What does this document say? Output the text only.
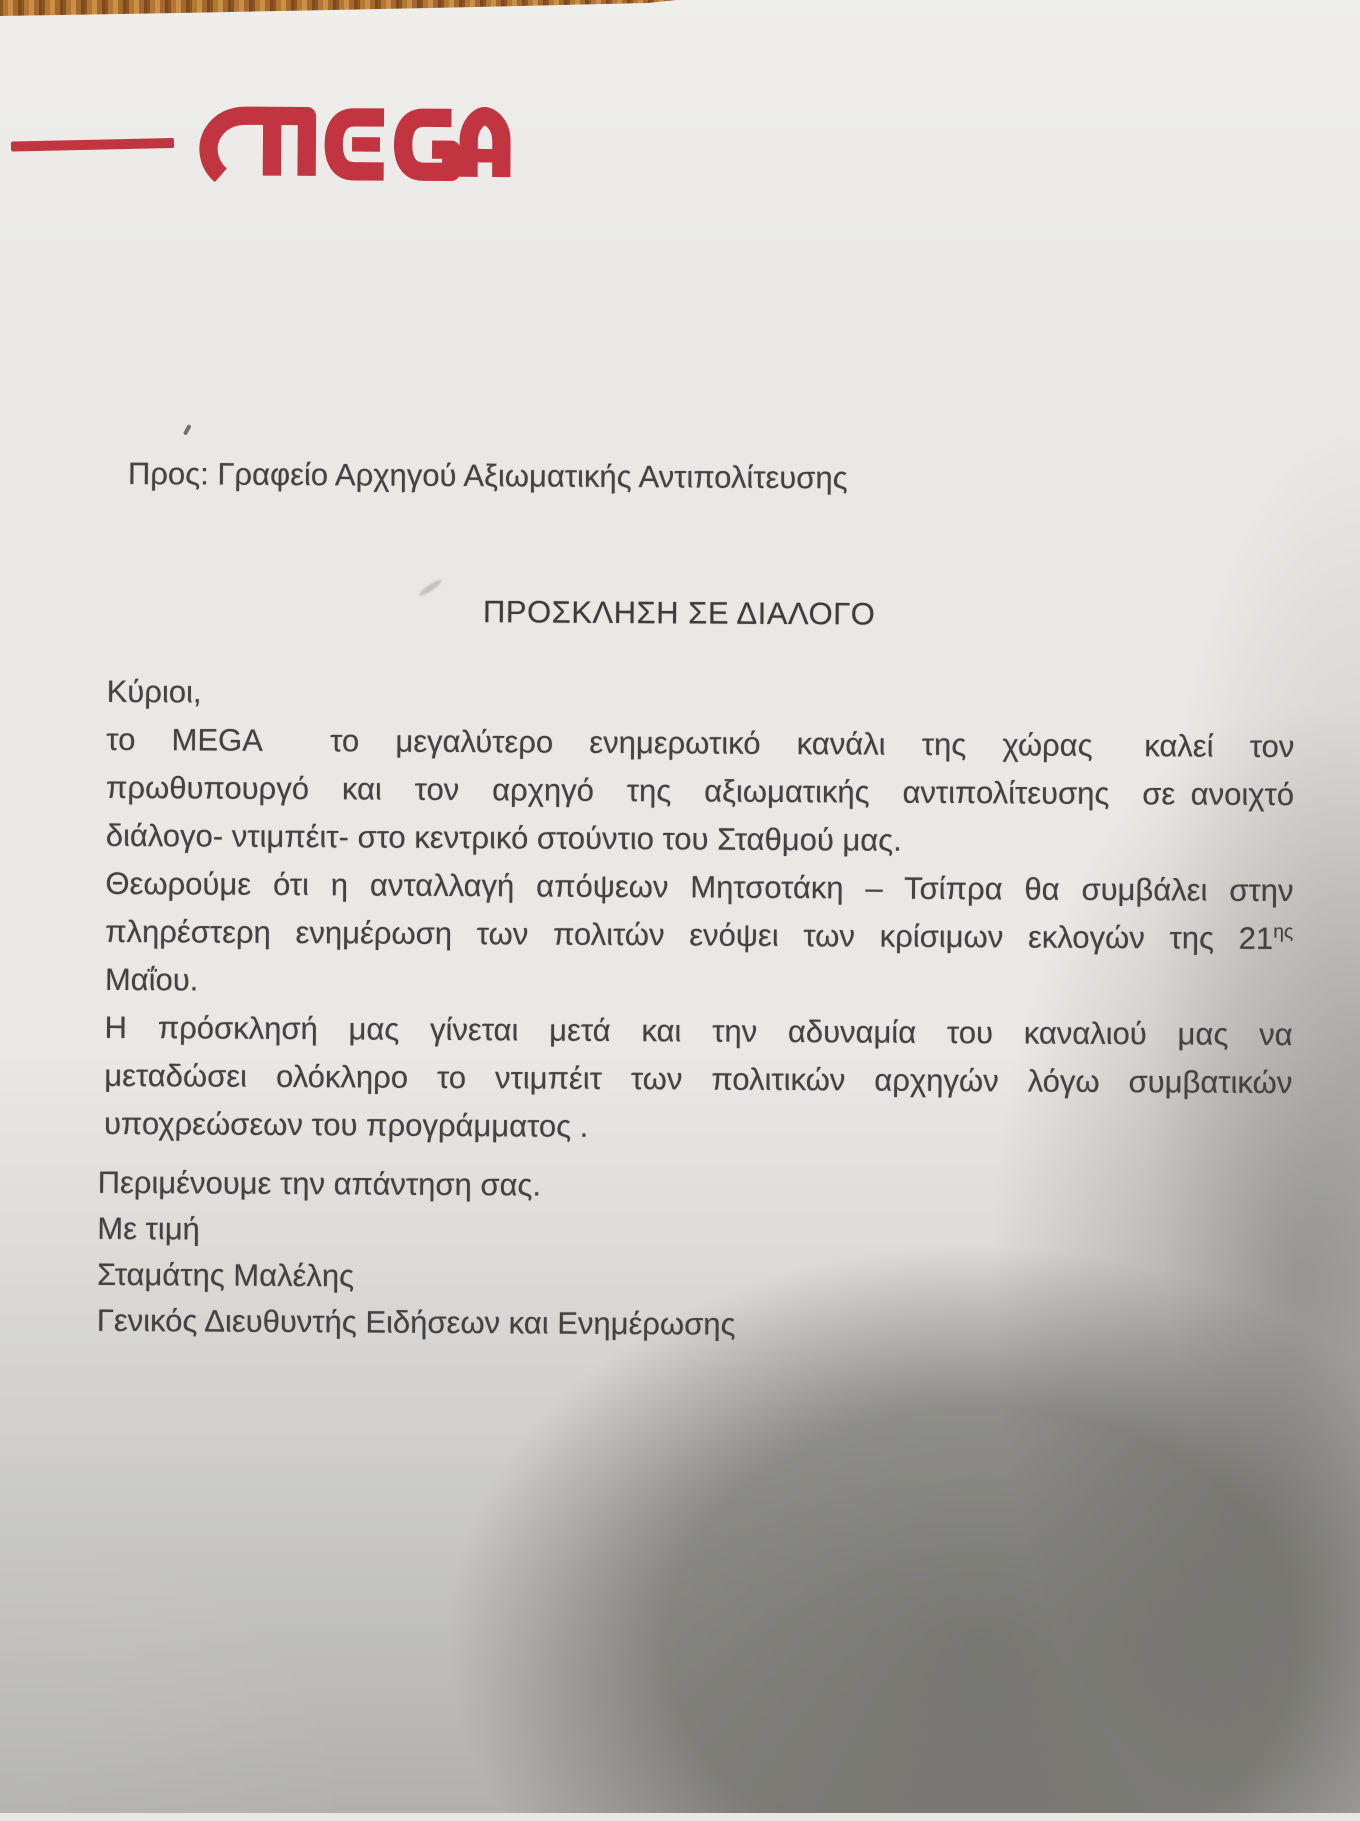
Προς: Γραφείο Αρχηγού Αξιωματικής Αντιπολίτευσης
ΠΡΟΣΚΛΗΣΗ ΣΕ ΔΙΑΛΟΓΟ
Κύριοι,
το MEGA  το μεγαλύτερο ενημερωτικό κανάλι της χώρας  καλεί τον
πρωθυπουργό και τον αρχηγό της αξιωματικής αντιπολίτευσης σε ανοιχτό
διάλογο- ντιμπέιτ- στο κεντρικό στούντιο του Σταθμού μας.
Θεωρούμε ότι η ανταλλαγή απόψεων Μητσοτάκη – Τσίπρα θα συμβάλει στην
πληρέστερη ενημέρωση των πολιτών ενόψει των κρίσιμων εκλογών της $21^{\eta\varsigma}$
Μαΐου.
Η πρόσκλησή μας γίνεται μετά και την αδυναμία του καναλιού μας να
μεταδώσει ολόκληρο το ντιμπέιτ των πολιτικών αρχηγών λόγω συμβατικών
υποχρεώσεων του προγράμματος .
Περιμένουμε την απάντηση σας.
Με τιμή
Σταμάτης Μαλέλης
Γενικός Διευθυντής Ειδήσεων και Ενημέρωσης
